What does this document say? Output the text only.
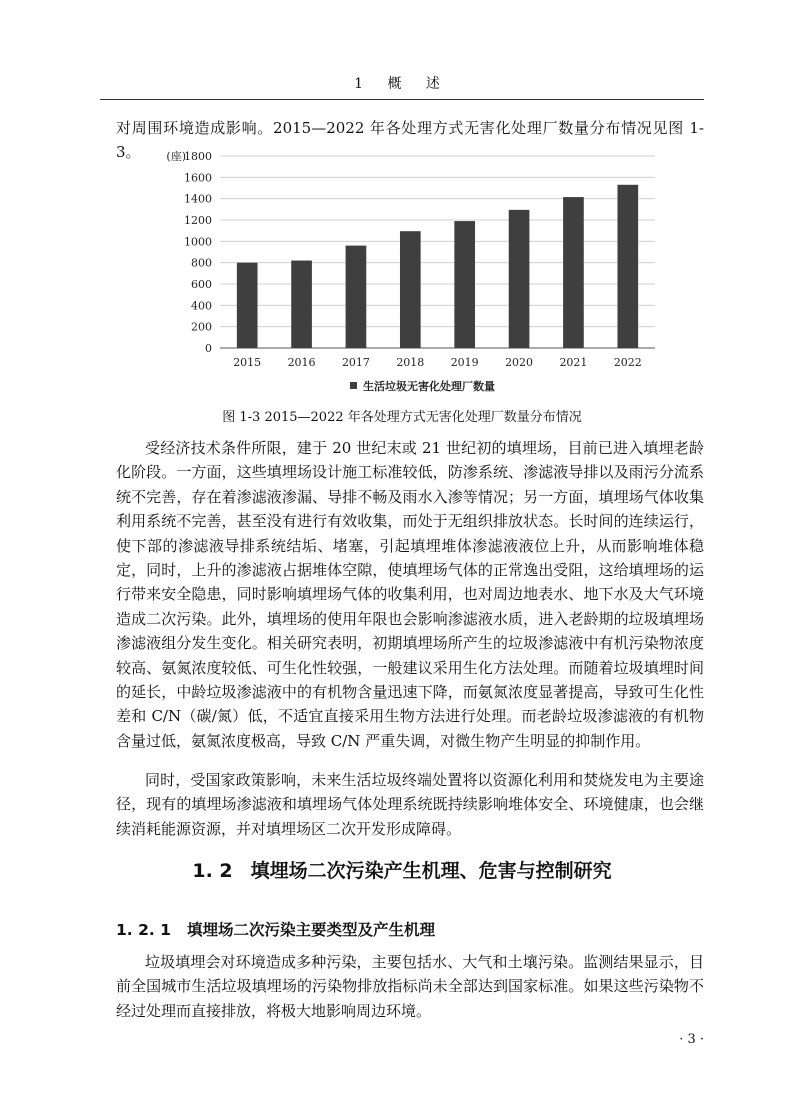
1 概 述

对周围环境造成影响。2015—2022 年各处理方式无害化处理厂数量分布情况见图 1-3。

0
200
400
600
800
1000
1200
1400
1600
1800
(座)
2015 2016 2017 2018 2019 2020 2021 2022
生活垃圾无害化处理厂数量
图 1-3 2015—2022 年各处理方式无害化处理厂数量分布情况

受经济技术条件所限，建于 20 世纪末或 21 世纪初的填埋场，目前已进入填埋老龄化阶段。一方面，这些填埋场设计施工标准较低，防渗系统、渗滤液导排以及雨污分流系统不完善，存在着渗滤液渗漏、导排不畅及雨水入渗等情况；另一方面，填埋场气体收集利用系统不完善，甚至没有进行有效收集，而处于无组织排放状态。长时间的连续运行，使下部的渗滤液导排系统结垢、堵塞，引起填埋堆体渗滤液液位上升，从而影响堆体稳定，同时，上升的渗滤液占据堆体空隙，使填埋场气体的正常逸出受阻，这给填埋场的运行带来安全隐患，同时影响填埋场气体的收集利用，也对周边地表水、地下水及大气环境造成二次污染。此外，填埋场的使用年限也会影响渗滤液水质，进入老龄期的垃圾填埋场渗滤液组分发生变化。相关研究表明，初期填埋场所产生的垃圾渗滤液中有机污染物浓度较高、氨氮浓度较低、可生化性较强，一般建议采用生化方法处理。而随着垃圾填埋时间的延长，中龄垃圾渗滤液中的有机物含量迅速下降，而氨氮浓度显著提高，导致可生化性差和 C/N（碳/氮）低，不适宜直接采用生物方法进行处理。而老龄垃圾渗滤液的有机物含量过低，氨氮浓度极高，导致 C/N 严重失调，对微生物产生明显的抑制作用。

同时，受国家政策影响，未来生活垃圾终端处置将以资源化利用和焚烧发电为主要途径，现有的填埋场渗滤液和填埋场气体处理系统既持续影响堆体安全、环境健康，也会继续消耗能源资源，并对填埋场区二次开发形成障碍。

1. 2 填埋场二次污染产生机理、危害与控制研究
1. 2. 1 填埋场二次污染主要类型及产生机理

垃圾填埋会对环境造成多种污染，主要包括水、大气和土壤污染。监测结果显示，目前全国城市生活垃圾填埋场的污染物排放指标尚未全部达到国家标准。如果这些污染物不经过处理而直接排放，将极大地影响周边环境。

· 3 ·
